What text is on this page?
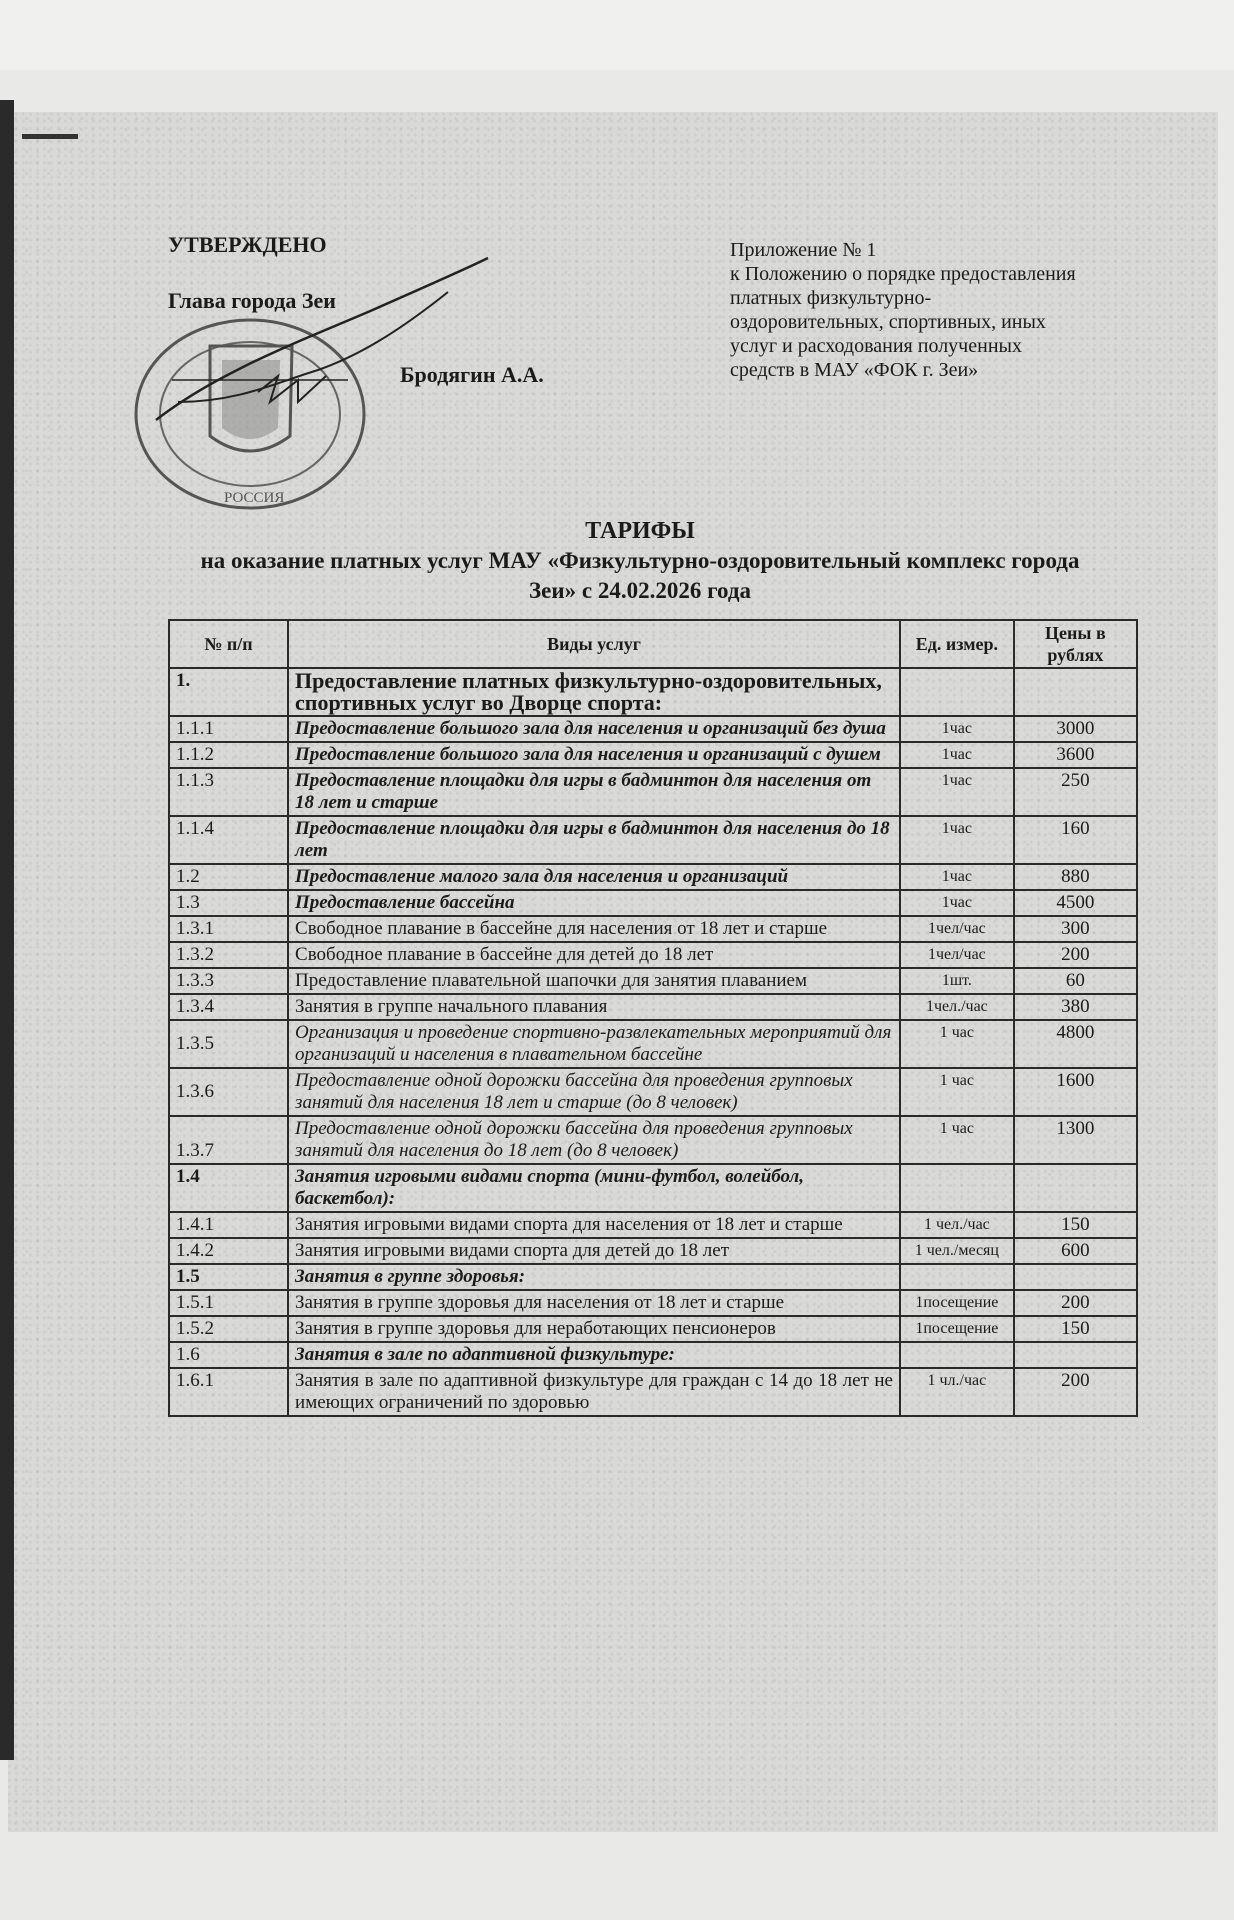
РОССИЯ
УТВЕРЖДЕНО
Глава города Зеи
Бродягин А.А.
Приложение № 1
к Положению о порядке предоставления
платных физкультурно-
оздоровительных, спортивных, иных
услуг и расходования полученных
средств в МАУ «ФОК г. Зеи»
ТАРИФЫ
на оказание платных услуг МАУ «Физкультурно-оздоровительный комплекс города
Зеи» с 24.02.2026 года
№ п/п	Виды услуг	Ед. измер.	Цены в рублях
1.	Предоставление платных физкультурно-оздоровительных, спортивных услуг во Дворце спорта:		
1.1.1	Предоставление большого зала для населения и организаций без душа	1час	3000
1.1.2	Предоставление большого зала для населения и организаций с душем	1час	3600
1.1.3	Предоставление площадки для игры в бадминтон для населения от 18 лет и старше	1час	250
1.1.4	Предоставление площадки для игры в бадминтон для населения до 18 лет	1час	160
1.2	Предоставление малого зала для населения и организаций	1час	880
1.3	Предоставление бассейна	1час	4500
1.3.1	Свободное плавание в бассейне для населения от 18 лет и старше	1чел/час	300
1.3.2	Свободное плавание в бассейне для детей до 18 лет	1чел/час	200
1.3.3	Предоставление плавательной шапочки для занятия плаванием	1шт.	60
1.3.4	Занятия в группе начального плавания	1чел./час	380
1.3.5	Организация и проведение спортивно-развлекательных мероприятий для организаций и населения в плавательном бассейне	1 час	4800
1.3.6	Предоставление одной дорожки бассейна для проведения групповых занятий для населения 18 лет и старше (до 8 человек)	1 час	1600
1.3.7	Предоставление одной дорожки бассейна для проведения групповых занятий для населения до 18 лет (до 8 человек)	1 час	1300
1.4	Занятия игровыми видами спорта (мини-футбол, волейбол, баскетбол):		
1.4.1	Занятия игровыми видами спорта для населения от 18 лет и старше	1 чел./час	150
1.4.2	Занятия игровыми видами спорта для детей до 18 лет	1 чел./месяц	600
1.5	Занятия в группе здоровья:		
1.5.1	Занятия в группе здоровья для населения от 18 лет и старше	1посещение	200
1.5.2	Занятия в группе здоровья для неработающих пенсионеров	1посещение	150
1.6	Занятия в зале по адаптивной физкультуре:		
1.6.1	Занятия в зале по адаптивной физкультуре для граждан с 14 до 18 лет не имеющих ограничений по здоровью	1 чл./час	200
